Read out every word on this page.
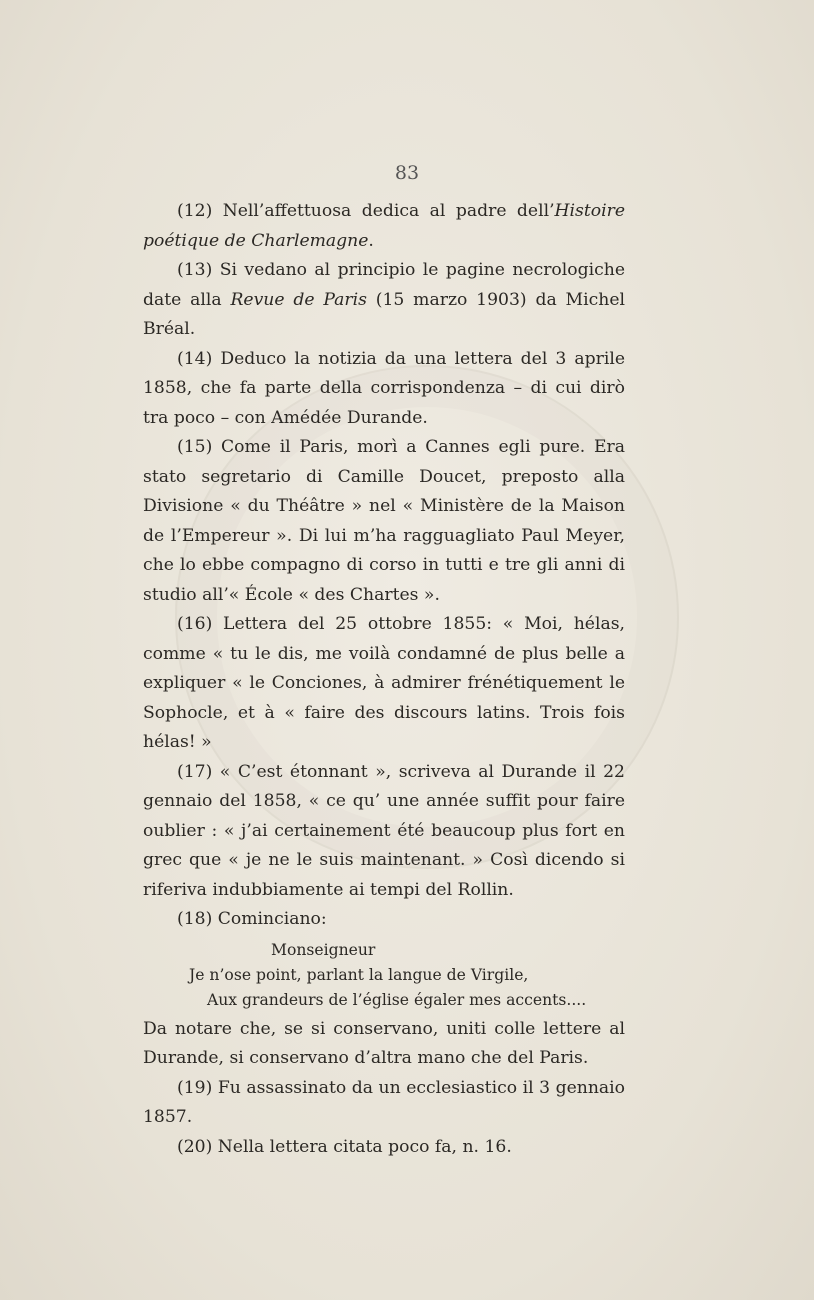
83

(12) Nell’affettuosa dedica al padre dell’Histoire poétique de Charlemagne.

(13) Si vedano al principio le pagine necrologiche date alla Revue de Paris (15 marzo 1903) da Michel Bréal.

(14) Deduco la notizia da una lettera del 3 aprile 1858, che fa parte della corrispondenza – di cui dirò tra poco – con Amédée Durande.

(15) Come il Paris, morì a Cannes egli pure. Era stato segretario di Camille Doucet, preposto alla Divisione « du Théâtre » nel « Ministère de la Maison de l’Empereur ». Di lui m’ha ragguagliato Paul Meyer, che lo ebbe compagno di corso in tutti e tre gli anni di studio all’« École « des Chartes ».

(16) Lettera del 25 ottobre 1855: « Moi, hélas, comme « tu le dis, me voilà condamné de plus belle a expliquer « le Conciones, à admirer frénétiquement le Sophocle, et à « faire des discours latins. Trois fois hélas! »

(17) « C’est étonnant », scriveva al Durande il 22 gennaio del 1858, « ce qu’ une année suffit pour faire oublier : « j’ai certainement été beaucoup plus fort en grec que « je ne le suis maintenant. » Così dicendo si riferiva indubbiamente ai tempi del Rollin.

(18) Cominciano:

Monseigneur
Je n’ose point, parlant la langue de Virgile,
Aux grandeurs de l’église égaler mes accents....

Da notare che, se si conservano, uniti colle lettere al Durande, si conservano d’altra mano che del Paris.

(19) Fu assassinato da un ecclesiastico il 3 gennaio 1857.

(20) Nella lettera citata poco fa, n. 16.
